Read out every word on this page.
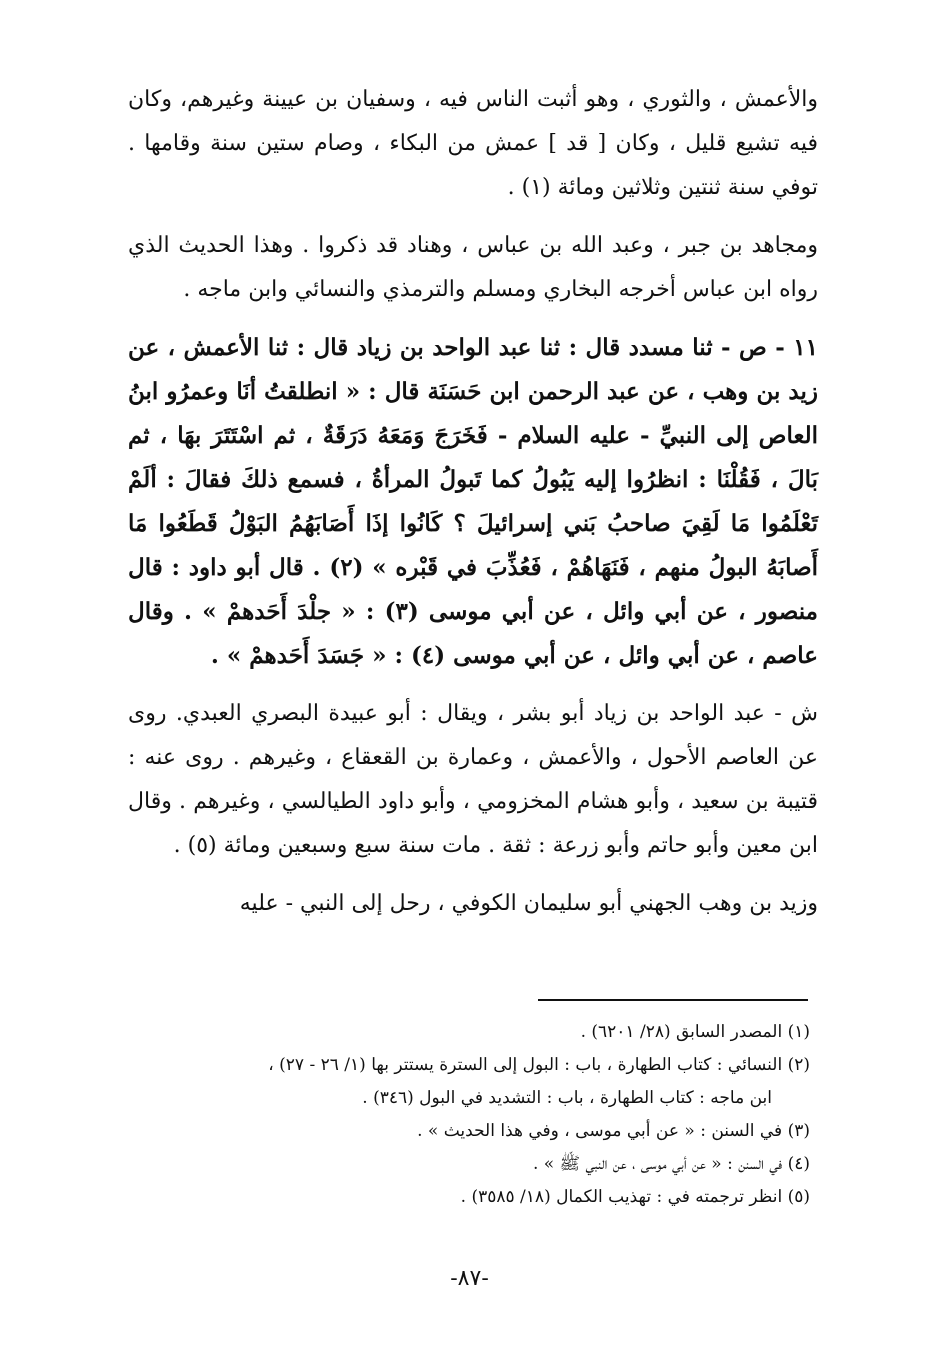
والأعمش ، والثوري ، وهو أثبت الناس فيه ، وسفيان بن عيينة وغيرهم، وكان فيه تشيع قليل ، وكان [ قد ] عمش من البكاء ، وصام ستين سنة وقامها . توفي سنة ثنتين وثلاثين ومائة (١) .

ومجاهد بن جبر ، وعبد الله بن عباس ، وهناد قد ذكروا . وهذا الحديث الذي رواه ابن عباس أخرجه البخاري ومسلم والترمذي والنسائي وابن ماجه .

١١ - ص - ثنا مسدد قال : ثنا عبد الواحد بن زياد قال : ثنا الأعمش ، عن زيد بن وهب ، عن عبد الرحمن ابن حَسَنَة قال : « انطلقتُ أنَا وعمرُو ابنُ العاص إلى النبيِّ - عليه السلام - فَخَرَجَ وَمَعَهُ دَرَقَةٌ ، ثم اسْتَتَرَ بهَا ، ثم بَالَ ، فَقُلْنَا : انظرُوا إليه يَبُولُ كما تَبولُ المرأةُ ، فسمع ذلكَ فقالَ : ألَمْ تَعْلَمُوا مَا لَقِيَ صاحبُ بَني إسرائيلَ ؟ كَانُوا إذَا أَصَابَهُمُ البَوْلُ قَطَعُوا مَا أَصابَهُ البولُ منهم ، فَنَهَاهُمْ ، فَعُذِّبَ في قَبْره » (٢) . قال أبو داود : قال منصور ، عن أبي وائل ، عن أبي موسى (٣) : « جلْدَ أَحَدهمْ » . وقال عاصم ، عن أبي وائل ، عن أبي موسى (٤) : « جَسَدَ أَحَدهمْ » .

ش - عبد الواحد بن زياد أبو بشر ، ويقال : أبو عبيدة البصري العبدي. روى عن العاصم الأحول ، والأعمش ، وعمارة بن القعقاع ، وغيرهم . روى عنه : قتيبة بن سعيد ، وأبو هشام المخزومي ، وأبو داود الطيالسي ، وغيرهم . وقال ابن معين وأبو حاتم وأبو زرعة : ثقة . مات سنة سبع وسبعين ومائة (٥) .

وزيد بن وهب الجهني أبو سليمان الكوفي ، رحل إلى النبي - عليه

(١) المصدر السابق (٢٨/ ٦٢٠١) .

(٢) النسائي : كتاب الطهارة ، باب : البول إلى السترة يستتر بها (١/ ٢٦ - ٢٧) ،

ابن ماجه : كتاب الطهارة ، باب : التشديد في البول (٣٤٦) .

(٣) في السنن : « عن أبي موسى ، وفي هذا الحديث » .

(٤) في السنن : « عن أبي موسى ، عن النبي ﷺ » .

(٥) انظر ترجمته في : تهذيب الكمال (١٨/ ٣٥٨٥) .

-٨٧-
